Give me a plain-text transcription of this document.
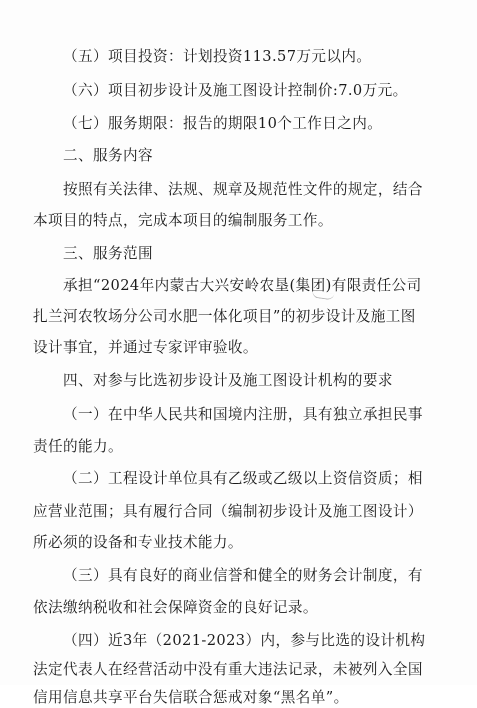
（五）项目投资：计划投资113.57万元以内。
（六）项目初步设计及施工图设计控制价:7.0万元。
（七）服务期限：报告的期限10个工作日之内。
二、服务内容
按照有关法律、法规、规章及规范性文件的规定，结合
本项目的特点，完成本项目的编制服务工作。
三、服务范围
承担“2024年内蒙古大兴安岭农垦(集团)有限责任公司
扎兰河农牧场分公司水肥一体化项目”的初步设计及施工图
设计事宜，并通过专家评审验收。
四、对参与比选初步设计及施工图设计机构的要求
（一）在中华人民共和国境内注册，具有独立承担民事
责任的能力。
（二）工程设计单位具有乙级或乙级以上资信资质；相
应营业范围；具有履行合同（编制初步设计及施工图设计）
所必须的设备和专业技术能力。
（三）具有良好的商业信誉和健全的财务会计制度，有
依法缴纳税收和社会保障资金的良好记录。
（四）近3年（2021-2023）内，参与比选的设计机构
法定代表人在经营活动中没有重大违法记录，未被列入全国
信用信息共享平台失信联合惩戒对象“黑名单”。
